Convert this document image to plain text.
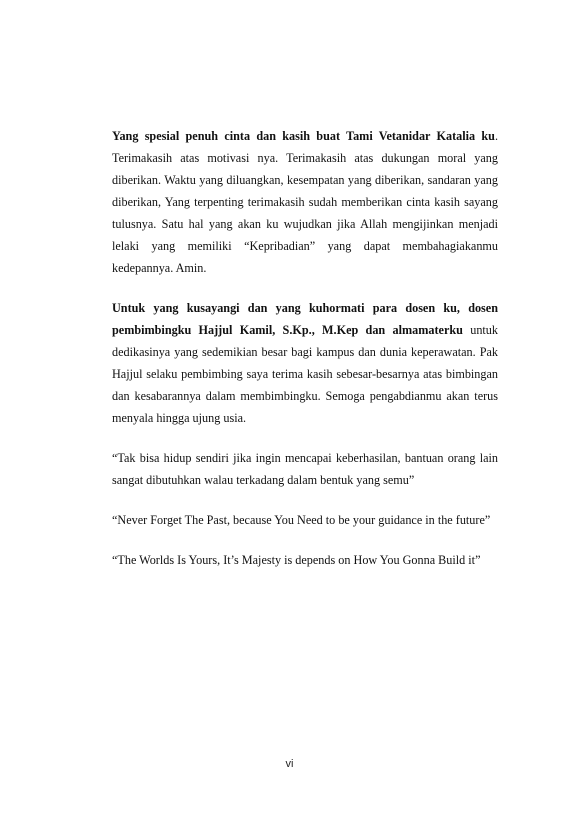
Yang spesial penuh cinta dan kasih buat Tami Vetanidar Katalia ku. Terimakasih atas motivasi nya. Terimakasih atas dukungan moral yang diberikan. Waktu yang diluangkan, kesempatan yang diberikan, sandaran yang diberikan, Yang terpenting terimakasih sudah memberikan cinta kasih sayang tulusnya. Satu hal yang akan ku wujudkan jika Allah mengijinkan menjadi lelaki yang memiliki “Kepribadian” yang dapat membahagiakanmu kedepannya. Amin.

Untuk yang kusayangi dan yang kuhormati para dosen ku, dosen pembimbingku Hajjul Kamil, S.Kp., M.Kep dan almamaterku untuk dedikasinya yang sedemikian besar bagi kampus dan dunia keperawatan. Pak Hajjul selaku pembimbing saya terima kasih sebesar-besarnya atas bimbingan dan kesabarannya dalam membimbingku. Semoga pengabdianmu akan terus menyala hingga ujung usia.

“Tak bisa hidup sendiri jika ingin mencapai keberhasilan, bantuan orang lain sangat dibutuhkan walau terkadang dalam bentuk yang semu”

“Never Forget The Past, because You Need to be your guidance in the future”

“The Worlds Is Yours, It’s Majesty is depends on How You Gonna Build it”

vi
